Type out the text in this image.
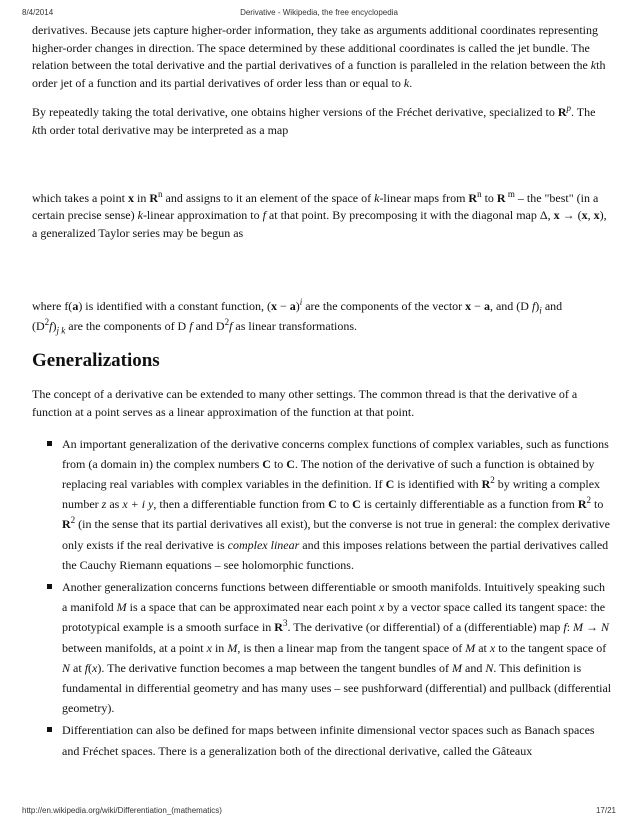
8/4/2014	Derivative - Wikipedia, the free encyclopedia

derivatives. Because jets capture higher-order information, they take as arguments additional coordinates representing higher-order changes in direction. The space determined by these additional coordinates is called the jet bundle. The relation between the total derivative and the partial derivatives of a function is paralleled in the relation between the kth order jet of a function and its partial derivatives of order less than or equal to k.

By repeatedly taking the total derivative, one obtains higher versions of the Fréchet derivative, specialized to $R^p$. The kth order total derivative may be interpreted as a map

which takes a point x in $R^n$ and assigns to it an element of the space of k-linear maps from $R^n$ to R $^m$ – the "best" (in a certain precise sense) k-linear approximation to f at that point. By precomposing it with the diagonal map Δ, x → (x, x), a generalized Taylor series may be begun as

where f(a) is identified with a constant function, $(x - a)^i$ are the components of the vector x − a, and (D $f)_i$ and
$(D^2f)_{j k}$ are the components of D f and $D^2f$ as linear transformations.

Generalizations

The concept of a derivative can be extended to many other settings. The common thread is that the derivative of a function at a point serves as a linear approximation of the function at that point.

An important generalization of the derivative concerns complex functions of complex variables, such as functions from (a domain in) the complex numbers C to C. The notion of the derivative of such a function is obtained by replacing real variables with complex variables in the definition. If C is identified with $R^2$ by writing a complex number z as x + i y, then a differentiable function from C to C is certainly differentiable as a function from $R^2$ to $R^2$ (in the sense that its partial derivatives all exist), but the converse is not true in general: the complex derivative only exists if the real derivative is complex linear and this imposes relations between the partial derivatives called the Cauchy Riemann equations – see holomorphic functions.
Another generalization concerns functions between differentiable or smooth manifolds. Intuitively speaking such a manifold M is a space that can be approximated near each point x by a vector space called its tangent space: the prototypical example is a smooth surface in $R^3$. The derivative (or differential) of a (differentiable) map f: M → N between manifolds, at a point x in M, is then a linear map from the tangent space of M at x to the tangent space of N at f(x). The derivative function becomes a map between the tangent bundles of M and N. This definition is fundamental in differential geometry and has many uses – see pushforward (differential) and pullback (differential geometry).
Differentiation can also be defined for maps between infinite dimensional vector spaces such as Banach spaces and Fréchet spaces. There is a generalization both of the directional derivative, called the Gâteaux
http://en.wikipedia.org/wiki/Differentiation_(mathematics)	17/21
